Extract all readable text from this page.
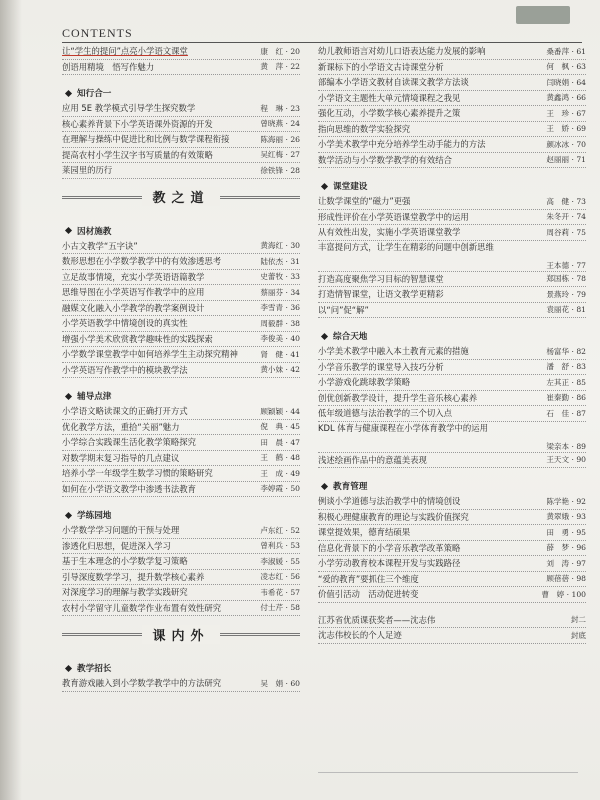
CONTENTS
让“学生的提问”点亮小学语文课堂	康　红 · 20
创语用精境　悟写作魅力	黄　萍 · 22
知行合一
应用 5E 教学模式引导学生探究数学	程　琳 · 23
核心素养背景下小学英语课外资源的开发	曾晓燕 · 24
在理解与操练中促进比和比例与数学课程衔接	陈海丽 · 26
提高农村小学生汉字书写质量的有效策略	吴红梅 · 27
莱园里的历行	徐铁锋 · 28
教之道
因材施教
小古文教学“五字诀”	黄海红 · 30
数形思想在小学数学教学中的有效渗透思考	陆依杰 · 31
立足故事情境，充实小学英语语篇教学	史蕾牧 · 33
思维导图在小学英语写作教学中的应用	蔡丽芬 · 34
融媒文化融入小学教学的教学案例设计	李雪青 · 36
小学英语教学中情境创设的真实性	周毅群 · 38
增强小学美术欣赏教学趣味性的实践探索	李俊美 · 40
小学数学课堂教学中如何培养学生主动探究精神	肾　健 · 41
小学英语写作教学中的模块教学法	黄小妹 · 42
辅导点津
小学语文略读课文的正确打开方式	顾颖颖 · 44
优化教学方法，重拾“关丽”魅力	倪　典 · 45
小学综合实践课生活化教学策略探究	田　晨 · 47
对数学期末复习指导的几点建议	王　鹤 · 48
培养小学一年级学生数学习惯的策略研究	王　成 · 49
如何在小学语文教学中渗透书法教育	李婷霞 · 50
学练园地
小学数学学习问题的干预与处理	卢东红 · 52
渗透化归思想，促进深入学习	曾利兵 · 53
基于生本理念的小学数学复习策略	李淑媛 · 55
引导深度数学学习，提升数学核心素养	凌志红 · 56
对深度学习的理解与教学实践研究	韦希花 · 57
农村小学留守儿童数学作业布置有效性研究	付士芹 · 58
课内外
教学招长
教育游戏融入到小学数学教学中的方法研究	吴　娟 · 60
幼儿教师语言对幼儿口语表达能力发展的影响	桑番萍 · 61
新课标下的小学语文古诗课堂分析	何　枫 · 63
部编本小学语文教材自读课文教学方法谈	闫晓娟 · 64
小学语文主题性大单元情境课程之我见	黄鑫鸿 · 66
强化互动，小学数学核心素养提升之策	王　珍 · 67
指向思维的数学实验探究	王　娇 · 69
小学美术教学中充分培养学生动手能力的方法	颜冰冰 · 70
数学活动与小学数学教学的有效结合	赵丽丽 · 71
课堂建设
让数学课堂的“磁力”更强	高　健 · 73
形成性评价在小学英语课堂教学中的运用	朱冬开 · 74
从有效性出发，实施小学英语课堂教学	周谷莉 · 75
丰富提问方式，让学生在精彩的问题中创新思维
王本德 · 77
打造高度聚焦学习目标的智慧课堂	郑国栋 · 78
打造情智课堂，让语文教学更精彩	景燕玲 · 79
以“问”促“解”	袁丽花 · 81
综合天地
小学美术教学中融入本土教育元素的措施	杨富华 · 82
小学音乐教学的课堂导入技巧分析	潘　舒 · 83
小学游戏化跳球教学策略	左其正 · 85
创优创新教学设计，提升学生音乐核心素养	崔秦勤 · 86
低年级道德与法治教学的三个切入点	石　佳 · 87
KDL 体育与健康课程在小学体育教学中的运用
梁亲本 · 89
浅述绘画作品中的意蕴美表现	王天文 · 90
教育管理
例谈小学道德与法治教学中的情境创设	陈学艳 · 92
积极心理健康教育的理论与实践价值探究	黄翠娥 · 93
课堂提效果，德育结硕果	田　勇 · 95
信息化背景下的小学音乐教学改革策略	薛　梦 · 96
小学劳动教育校本课程开发与实践路径	刘　涛 · 97
“爱的教育”要抓住三个维度	顾蓓蓓 · 98
价值引活动　活动促进转变	曹　婷 · 100
江苏省优质课获奖者——沈志伟	封二
沈志伟校长的个人足迹	封底
